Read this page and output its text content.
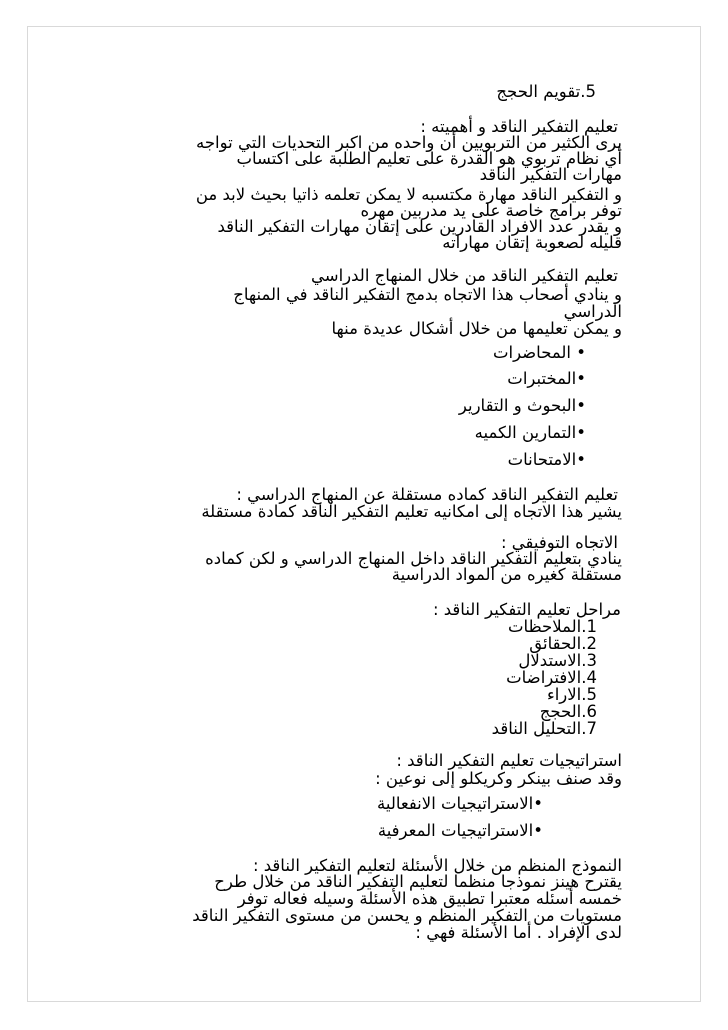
5.تقويم الحجج
تعليم التفكير الناقد و أهميته :
يرى الكثير من التربويين أن واحده من اكبر التحديات التي تواجه
أي نظام تربوي هو القدرة على تعليم الطلبة على اكتساب
مهارات التفكير الناقد
و التفكير الناقد مهارة مكتسبه لا يمكن تعلمه ذاتيا بحيث لابد من
توفر برامج خاصة على يد مدربين مهره
و يقدر عدد الافراد القادرين على إتقان مهارات التفكير الناقد
قليله لصعوبة إتقان مهاراته
تعليم التفكير الناقد من خلال المنهاج الدراسي
و ينادي أصحاب هذا الاتجاه بدمج التفكير الناقد في المنهاج
الدراسي
و يمكن تعليمها من خلال أشكال عديدة منها
• المحاضرات
•المختبرات
•البحوث و التقارير
•التمارين الكميه
•الامتحانات
تعليم التفكير الناقد كماده مستقلة عن المنهاج الدراسي :
يشير هذا الاتجاه إلى امكانيه تعليم التفكير الناقد كمادة مستقلة
الاتجاه التوفيقي :
ينادي بتعليم التفكير الناقد داخل المنهاج الدراسي و لكن كماده
مستقلة كغيره من المواد الدراسية
مراحل تعليم التفكير الناقد :
1.الملاحظات
2.الحقائق
3.الاستدلال
4.الافتراضات
5.الاراء
6.الحجج
7.التحليل الناقد
استراتيجيات تعليم التفكير الناقد :
وقد صنف بينكر وكريكلو إلى نوعين :
•الاستراتيجيات الانفعالية
•الاستراتيجيات المعرفية
النموذج المنظم من خلال الأسئلة لتعليم التفكير الناقد :
يقترح هينز نموذجا منظما لتعليم التفكير الناقد من خلال طرح
خمسه أسئله معتبرا تطبيق هذه الأسئلة وسيله فعاله توفر
مستويات من التفكير المنظم و يحسن من مستوى التفكير الناقد
لدى الإفراد . أما الأسئلة فهي :
